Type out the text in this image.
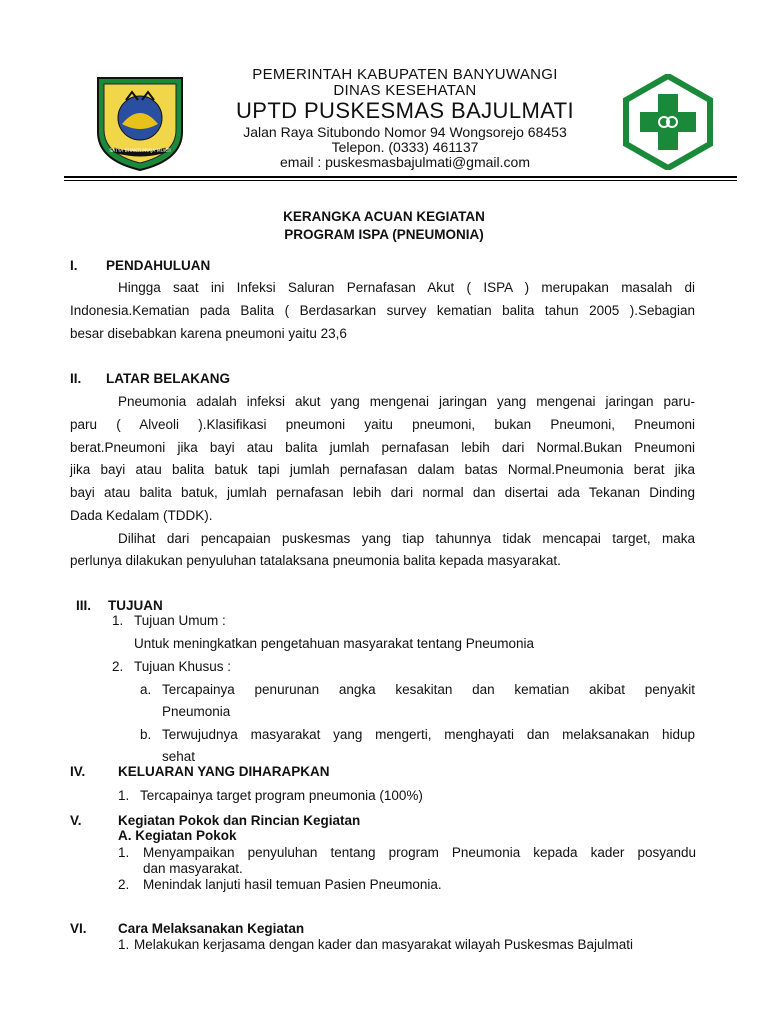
SATYA BHAKTI PRAJA MUKTI
PEMERINTAH KABUPATEN BANYUWANGI
DINAS KESEHATAN
UPTD PUSKESMAS BAJULMATI
Jalan Raya Situbondo Nomor 94 Wongsorejo 68453
Telepon. (0333) 461137
email : puskesmasbajulmati@gmail.com
KERANGKA ACUAN KEGIATAN
PROGRAM ISPA (PNEUMONIA)
I. PENDAHULUAN
Hingga saat ini Infeksi Saluran Pernafasan Akut ( ISPA ) merupakan masalah di
Indonesia.Kematian pada Balita ( Berdasarkan survey kematian balita tahun 2005 ).Sebagian
besar disebabkan karena pneumoni yaitu 23,6
II. LATAR BELAKANG
Pneumonia adalah infeksi akut yang mengenai jaringan yang mengenai jaringan paru-
paru ( Alveoli ).Klasifikasi pneumoni yaitu pneumoni, bukan Pneumoni, Pneumoni
berat.Pneumoni jika bayi atau balita jumlah pernafasan lebih dari Normal.Bukan Pneumoni
jika bayi atau balita batuk tapi jumlah pernafasan dalam batas Normal.Pneumonia berat jika
bayi atau balita batuk, jumlah pernafasan lebih dari normal dan disertai ada Tekanan Dinding
Dada Kedalam (TDDK).
Dilihat dari pencapaian puskesmas yang tiap tahunnya tidak mencapai target, maka
perlunya dilakukan penyuluhan tatalaksana pneumonia balita kepada masyarakat.
III. TUJUAN
1. Tujuan Umum :
Untuk meningkatkan pengetahuan masyarakat tentang Pneumonia
2. Tujuan Khusus :
a. Tercapainya penurunan angka kesakitan dan kematian akibat penyakit
Pneumonia
b. Terwujudnya masyarakat yang mengerti, menghayati dan melaksanakan hidup
sehat
IV. KELUARAN YANG DIHARAPKAN
1. Tercapainya target program pneumonia (100%)
V.	Kegiatan Pokok dan Rincian Kegiatan
A. Kegiatan Pokok
1. Menyampaikan penyuluhan tentang program Pneumonia kepada kader posyandu
dan masyarakat.
2. Menindak lanjuti hasil temuan Pasien Pneumonia.
VI. Cara Melaksanakan Kegiatan
1. Melakukan kerjasama dengan kader dan masyarakat wilayah Puskesmas Bajulmati
